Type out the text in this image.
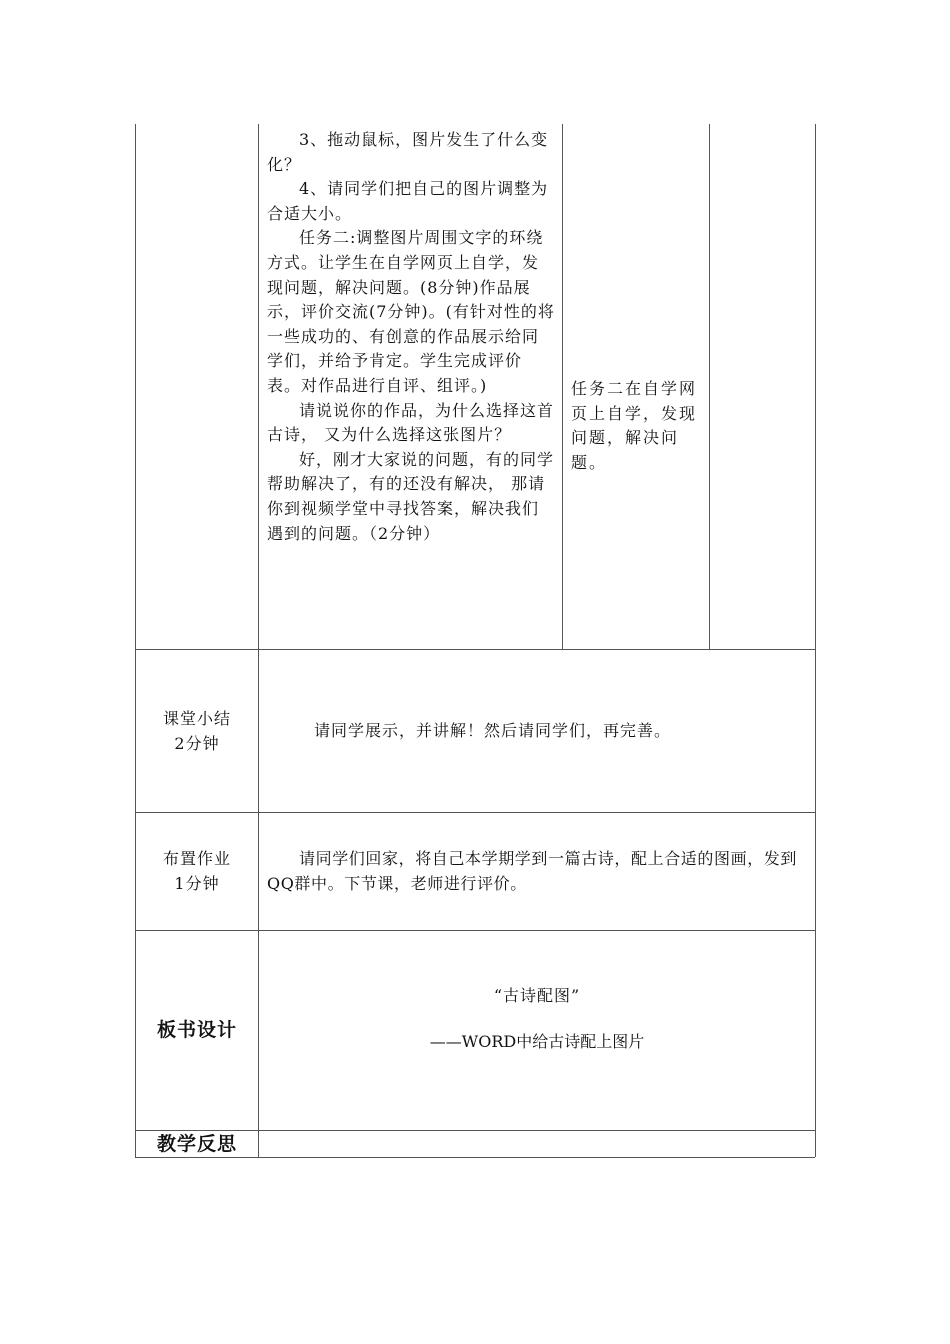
3、拖动鼠标，图片发生了什么变化？
4、请同学们把自己的图片调整为合适大小。
任务二:调整图片周围文字的环绕方式。让学生在自学网页上自学，发现问题，解决问题。(8分钟)作品展示，评价交流(7分钟)。(有针对性的将一些成功的、有创意的作品展示给同学们，并给予肯定。学生完成评价表。对作品进行自评、组评。)
请说说你的作品，为什么选择这首古诗， 又为什么选择这张图片？
好，刚才大家说的问题，有的同学帮助解决了，有的还没有解决， 那请你到视频学堂中寻找答案，解决我们遇到的问题。（2分钟）
任务二在自学网页上自学，发现问题，解决问题。
课堂小结
2分钟
请同学展示，并讲解！然后请同学们，再完善。
布置作业
1分钟
请同学们回家，将自己本学期学到一篇古诗，配上合适的图画，发到QQ群中。下节课，老师进行评价。
板书设计
“古诗配图”
——WORD中给古诗配上图片
教学反思
